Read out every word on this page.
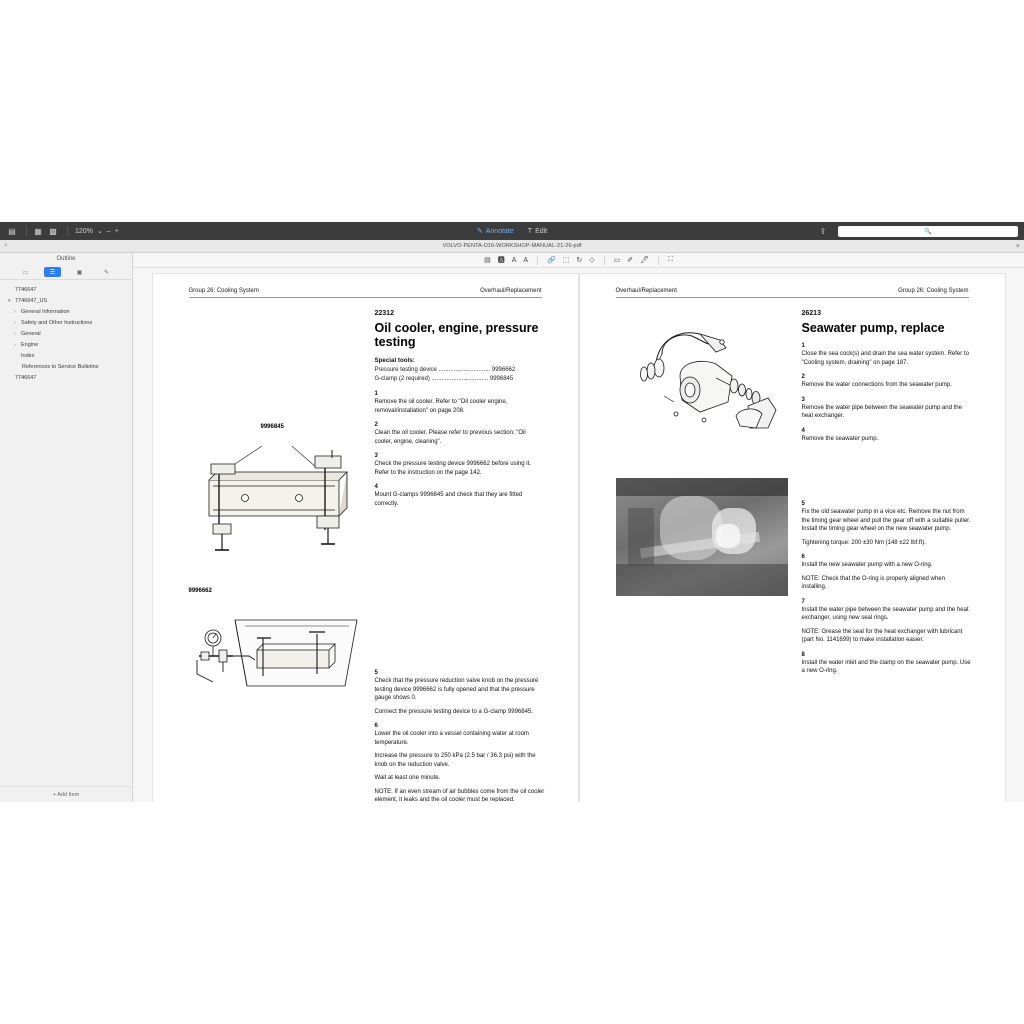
▤ ▦ ▩	120% ⌄ – +	✎ Annotate T Edit	⇪	🔍
×	VOLVO-PENTA-D16-WORKSHOP-MANUAL-21-26-pdf	+
Outline
▭	☰	▣	✎
7746647
▾ 7746647_US
› General Information
› Safety and Other Instructions
› General
› Engine
Index
References to Service Bulletins
7746647
+ Add Item
▤ 🅰 A A	🔗 ⬚ ↻ ◇	▭ ✐ 🖊	⛶
Group 26: Cooling System	Overhaul/Replacement
9996845
9996662
22312
Oil cooler, engine, pressure testing
Special tools:
Pressure testing device ............................... 9996662
G-clamp (2 required) .................................. 9996845
1

Remove the oil cooler. Refer to "Oil cooler engine, removal/installation" on page 208.

2

Clean the oil cooler. Please refer to previous section: "Oil cooler, engine, cleaning".

3

Check the pressure testing device 9996662 before using it. Refer to the instruction on the page 142.

4

Mount G-clamps 9996845 and check that they are fitted correctly.

5

Check that the pressure reduction valve knob on the pressure testing device 9996662 is fully opened and that the pressure gauge shows 0.

Connect the pressure testing device to a G-clamp 9996845.

6

Lower the oil cooler into a vessel containing water at room temperature.

Increase the pressure to 250 kPa (2.5 bar / 36.3 psi) with the knob on the reduction valve.

Wait at least one minute.

NOTE: If an even stream of air bubbles come from the oil cooler element, it leaks and the oil cooler must be replaced.

Overhaul/Replacement	Group 26: Cooling System
26213
Seawater pump, replace
1

Close the sea cock(s) and drain the sea water system. Refer to "Cooling system, draining" on page 187.

2

Remove the water connections from the seawater pump.

3

Remove the water pipe between the seawater pump and the heat exchanger.

4

Remove the seawater pump.

5

Fix the old seawater pump in a vice etc. Remove the nut from the timing gear wheel and pull the gear off with a suitable puller. Install the timing gear wheel on the new seawater pump.

Tightening torque: 200 ±30 Nm (148 ±22 lbf.ft).

6

Install the new seawater pump with a new O-ring.

NOTE: Check that the O-ring is properly aligned when installing.

7

Install the water pipe between the seawater pump and the heat exchanger, using new seal rings.

NOTE: Grease the seal for the heat exchanger with lubricant (part No. 1141699) to make installation easier.

8

Install the water inlet and the clamp on the seawater pump. Use a new O-ring.
